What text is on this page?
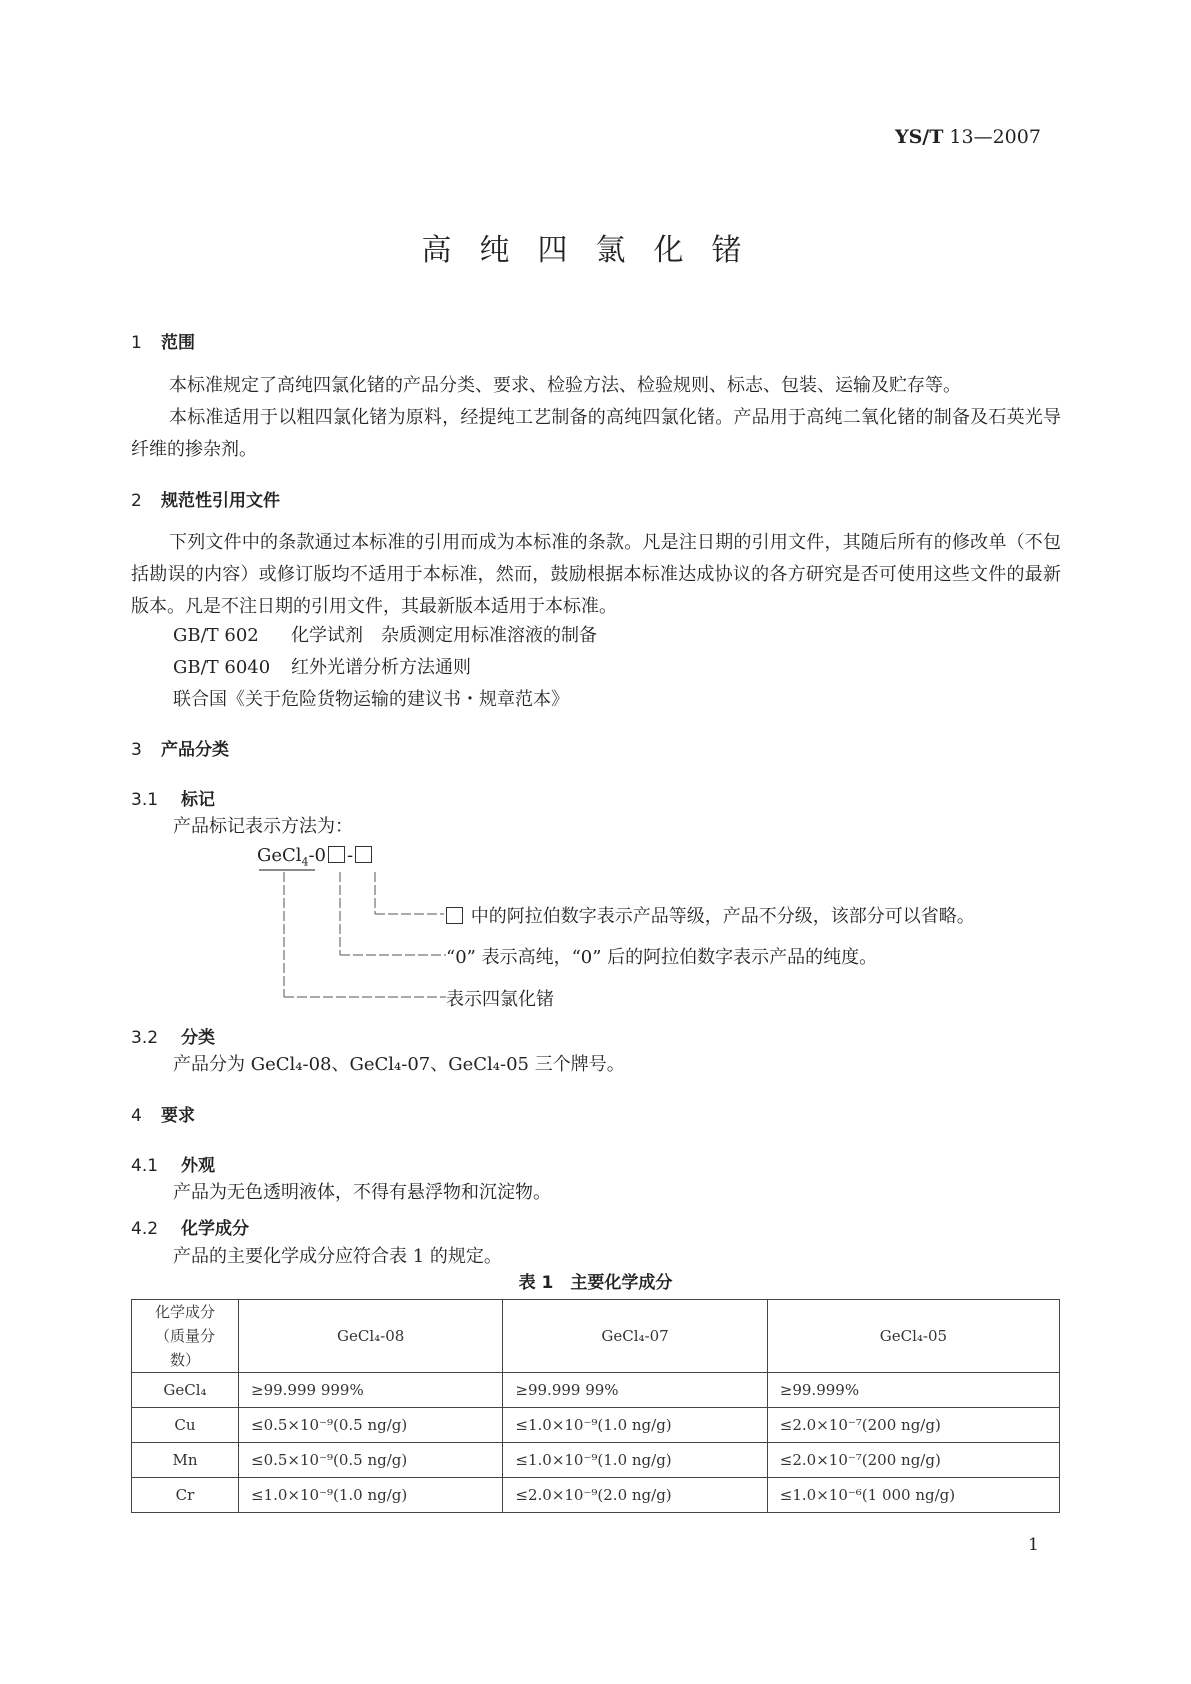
YS/T 13—2007
高纯四氯化锗
1 范围
本标准规定了高纯四氯化锗的产品分类、要求、检验方法、检验规则、标志、包装、运输及贮存等。
本标准适用于以粗四氯化锗为原料，经提纯工艺制备的高纯四氯化锗。产品用于高纯二氧化锗的制备及石英光导纤维的掺杂剂。
2 规范性引用文件
下列文件中的条款通过本标准的引用而成为本标准的条款。凡是注日期的引用文件，其随后所有的修改单（不包括勘误的内容）或修订版均不适用于本标准，然而，鼓励根据本标准达成协议的各方研究是否可使用这些文件的最新版本。凡是不注日期的引用文件，其最新版本适用于本标准。
GB/T 602 化学试剂　杂质测定用标准溶液的制备
GB/T 6040 红外光谱分析方法通则
联合国《关于危险货物运输的建议书・规章范本》
3 产品分类
3.1 标记
产品标记表示方法为：
GeCl$_4$-0 -
中的阿拉伯数字表示产品等级，产品不分级，该部分可以省略。
“0” 表示高纯，“0” 后的阿拉伯数字表示产品的纯度。
表示四氯化锗
3.2 分类
产品分为 GeCl₄-08、GeCl₄-07、GeCl₄-05 三个牌号。
4 要求
4.1 外观
产品为无色透明液体，不得有悬浮物和沉淀物。
4.2 化学成分
产品的主要化学成分应符合表 1 的规定。
表 1　主要化学成分
化学成分
（质量分数）	GeCl₄-08	GeCl₄-07	GeCl₄-05
GeCl₄	≥99.999 999%	≥99.999 99%	≥99.999%
Cu	≤0.5×10⁻⁹(0.5 ng/g)	≤1.0×10⁻⁹(1.0 ng/g)	≤2.0×10⁻⁷(200 ng/g)
Mn	≤0.5×10⁻⁹(0.5 ng/g)	≤1.0×10⁻⁹(1.0 ng/g)	≤2.0×10⁻⁷(200 ng/g)
Cr	≤1.0×10⁻⁹(1.0 ng/g)	≤2.0×10⁻⁹(2.0 ng/g)	≤1.0×10⁻⁶(1 000 ng/g)
1
